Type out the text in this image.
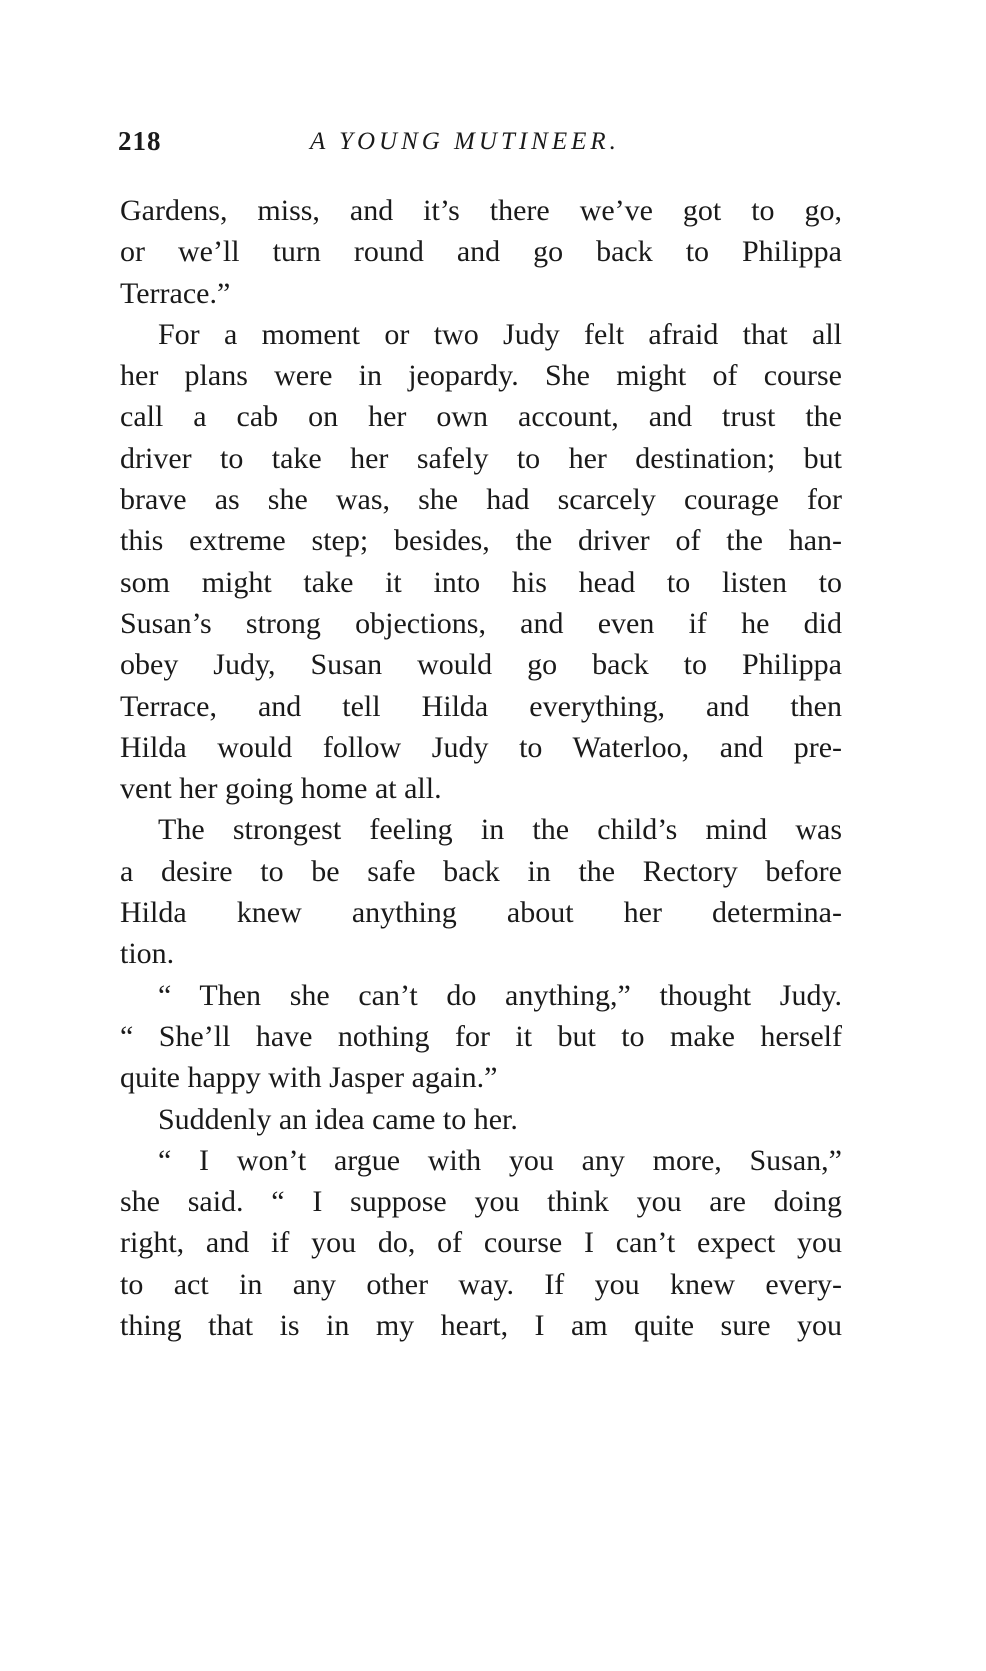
218	A YOUNG MUTINEER.
Gardens, miss, and it’s there we’ve got to go,
or we’ll turn round and go back to Philippa
Terrace.”
For a moment or two Judy felt afraid that all
her plans were in jeopardy. She might of course
call a cab on her own account, and trust the
driver to take her safely to her destination; but
brave as she was, she had scarcely courage for
this extreme step; besides, the driver of the han-
som might take it into his head to listen to
Susan’s strong objections, and even if he did
obey Judy, Susan would go back to Philippa
Terrace, and tell Hilda everything, and then
Hilda would follow Judy to Waterloo, and pre-
vent her going home at all.
The strongest feeling in the child’s mind was
a desire to be safe back in the Rectory before
Hilda knew anything about her determina-
tion.
“ Then she can’t do anything,” thought Judy.
“ She’ll have nothing for it but to make herself
quite happy with Jasper again.”
Suddenly an idea came to her.
“ I won’t argue with you any more, Susan,”
she said. “ I suppose you think you are doing
right, and if you do, of course I can’t expect you
to act in any other way. If you knew every-
thing that is in my heart, I am quite sure you
